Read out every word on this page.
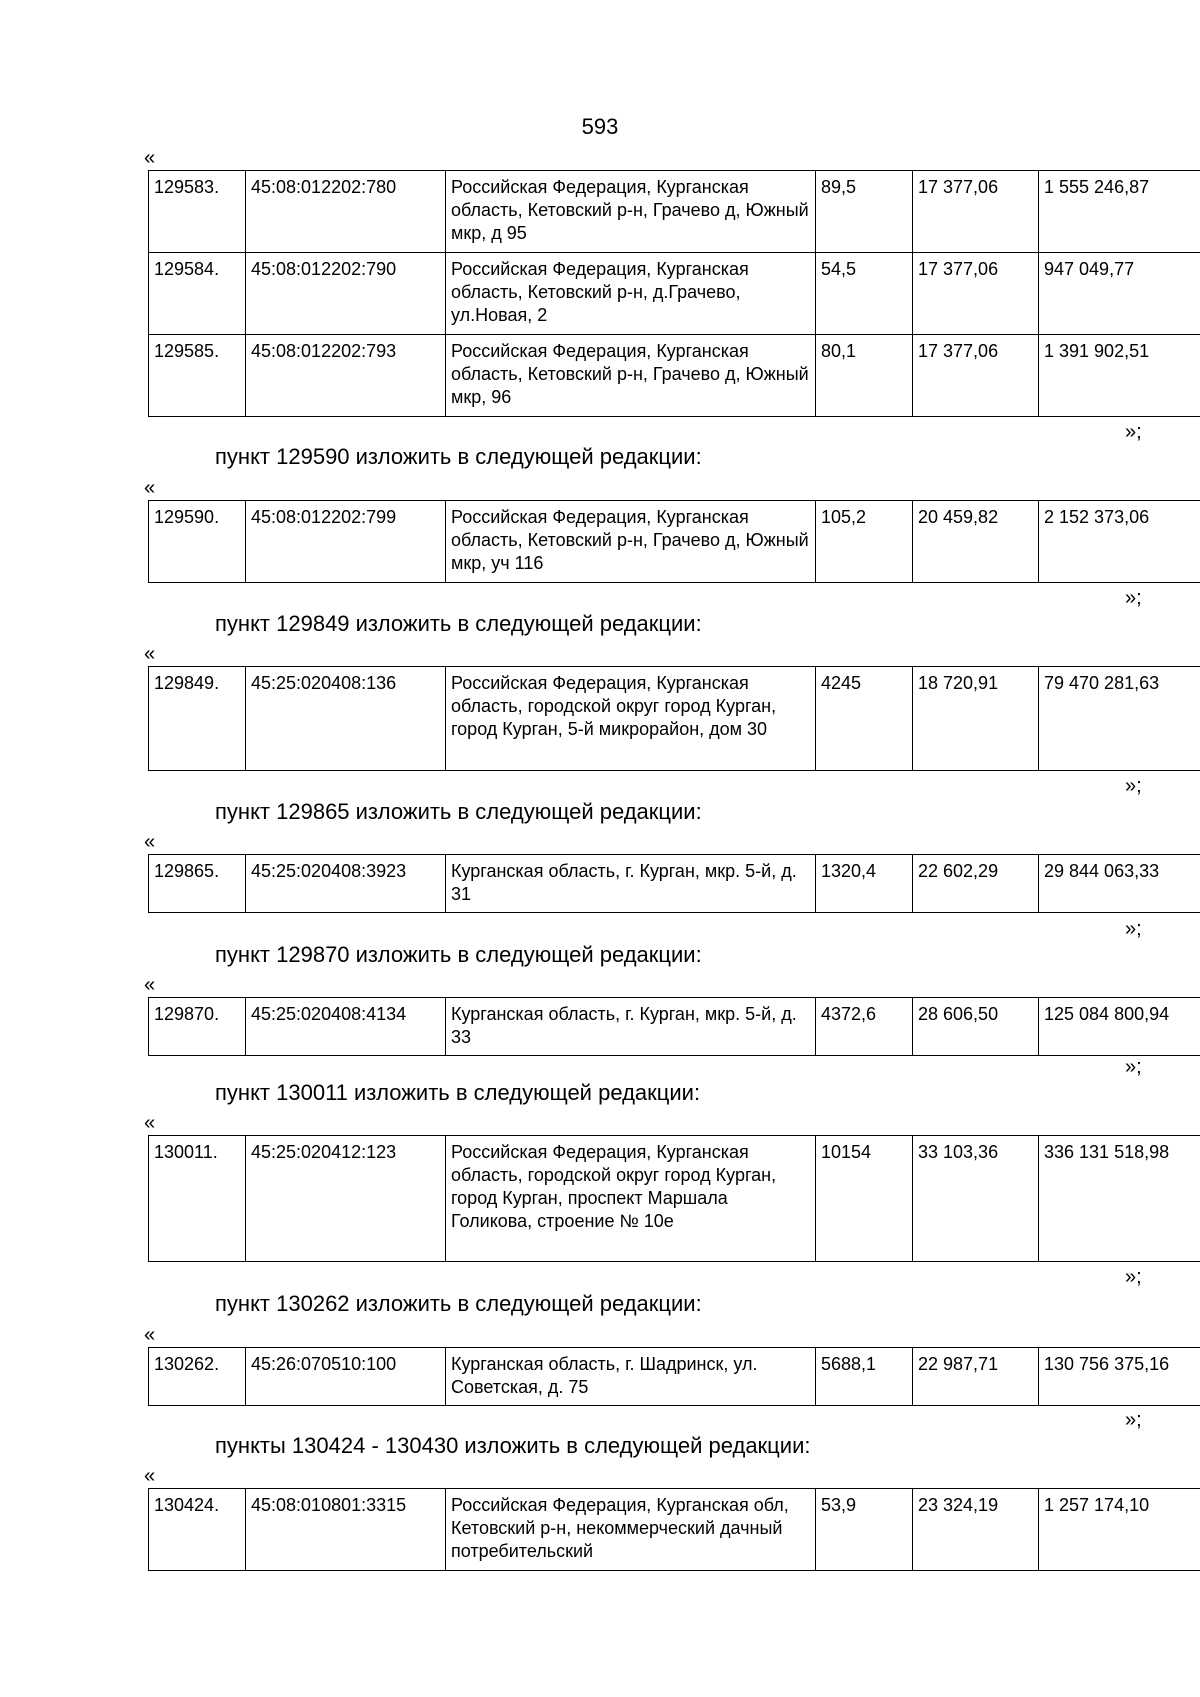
593
«
129583.	45:08:012202:780	Российская Федерация, Курганская область, Кетовский р-н, Грачево д, Южный мкр, д 95	89,5	17 377,06	1 555 246,87
129584.	45:08:012202:790	Российская Федерация, Курганская область, Кетовский р-н, д.Грачево, ул.Новая, 2	54,5	17 377,06	947 049,77
129585.	45:08:012202:793	Российская Федерация, Курганская область, Кетовский р-н, Грачево д, Южный мкр, 96	80,1	17 377,06	1 391 902,51
»;
пункт 129590 изложить в следующей редакции:
«
129590.	45:08:012202:799	Российская Федерация, Курганская область, Кетовский р-н, Грачево д, Южный мкр, уч 116	105,2	20 459,82	2 152 373,06
»;
пункт 129849 изложить в следующей редакции:
«
129849.	45:25:020408:136	Российская Федерация, Курганская область, городской округ город Курган, город Курган, 5-й микрорайон, дом 30	4245	18 720,91	79 470 281,63
»;
пункт 129865 изложить в следующей редакции:
«
129865.	45:25:020408:3923	Курганская область, г. Курган, мкр. 5-й, д. 31	1320,4	22 602,29	29 844 063,33
»;
пункт 129870 изложить в следующей редакции:
«
129870.	45:25:020408:4134	Курганская область, г. Курган, мкр. 5-й, д. 33	4372,6	28 606,50	125 084 800,94
»;
пункт 130011 изложить в следующей редакции:
«
130011.	45:25:020412:123	Российская Федерация, Курганская область, городской округ город Курган, город Курган, проспект Маршала Голикова, строение № 10е	10154	33 103,36	336 131 518,98
»;
пункт 130262 изложить в следующей редакции:
«
130262.	45:26:070510:100	Курганская область, г. Шадринск, ул. Советская, д. 75	5688,1	22 987,71	130 756 375,16
»;
пункты 130424 - 130430 изложить в следующей редакции:
«
130424.	45:08:010801:3315	Российская Федерация, Курганская обл, Кетовский р-н, некоммерческий дачный потребительский	53,9	23 324,19	1 257 174,10
